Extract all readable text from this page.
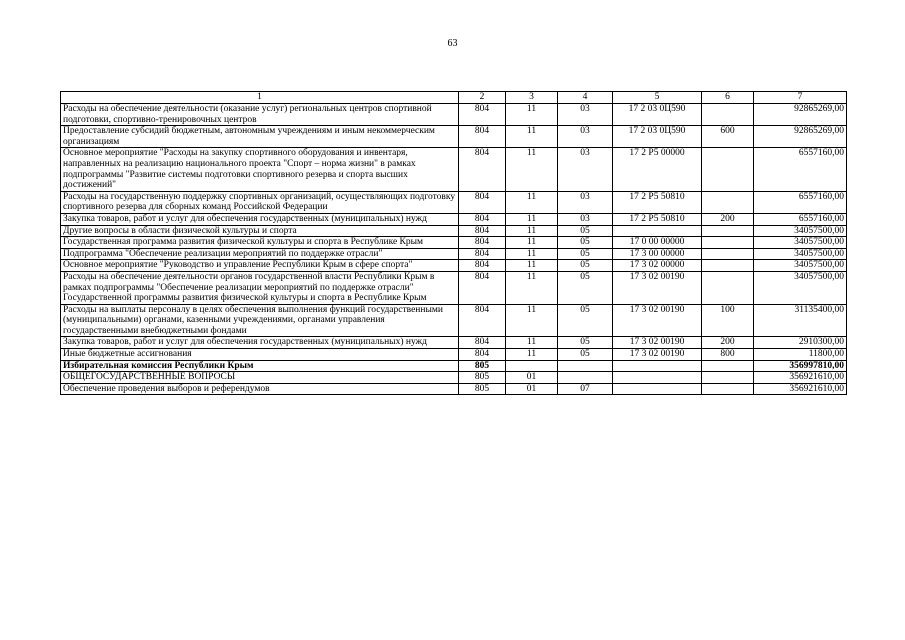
63
1	2	3	4	5	6	7
Расходы на обеспечение деятельности (оказание услуг) региональных центров спортивной подготовки, спортивно-тренировочных центров	804	11	03	17 2 03 0Ц590		92865269,00
Предоставление субсидий бюджетным, автономным учреждениям и иным некоммерческим организациям	804	11	03	17 2 03 0Ц590	600	92865269,00
Основное мероприятие "Расходы на закупку спортивного оборудования и инвентаря, направленных на реализацию национального проекта "Спорт – норма жизни" в рамках подпрограммы "Развитие системы подготовки спортивного резерва и спорта высших достижений"	804	11	03	17 2 P5 00000		6557160,00
Расходы на государственную поддержку спортивных организаций, осуществляющих подготовку спортивного резерва для сборных команд Российской Федерации	804	11	03	17 2 P5 50810		6557160,00
Закупка товаров, работ и услуг для обеспечения государственных (муниципальных) нужд	804	11	03	17 2 P5 50810	200	6557160,00
Другие вопросы в области физической культуры и спорта	804	11	05			34057500,00
Государственная программа развития физической культуры и спорта в Республике Крым	804	11	05	17 0 00 00000		34057500,00
Подпрограмма "Обеспечение реализации мероприятий по поддержке отрасли"	804	11	05	17 3 00 00000		34057500,00
Основное мероприятие "Руководство и управление Республики Крым в сфере спорта"	804	11	05	17 3 02 00000		34057500,00
Расходы на обеспечение деятельности органов государственной власти Республики Крым в рамках подпрограммы "Обеспечение реализации мероприятий по поддержке отрасли" Государственной программы развития физической культуры и спорта в Республике Крым	804	11	05	17 3 02 00190		34057500,00
Расходы на выплаты персоналу в целях обеспечения выполнения функций государственными (муниципальными) органами, казенными учреждениями, органами управления государственными внебюджетными фондами	804	11	05	17 3 02 00190	100	31135400,00
Закупка товаров, работ и услуг для обеспечения государственных (муниципальных) нужд	804	11	05	17 3 02 00190	200	2910300,00
Иные бюджетные ассигнования	804	11	05	17 3 02 00190	800	11800,00
Избирательная комиссия Республики Крым	805					356997810,00
ОБЩЕГОСУДАРСТВЕННЫЕ ВОПРОСЫ	805	01				356921610,00
Обеспечение проведения выборов и референдумов	805	01	07			356921610,00
